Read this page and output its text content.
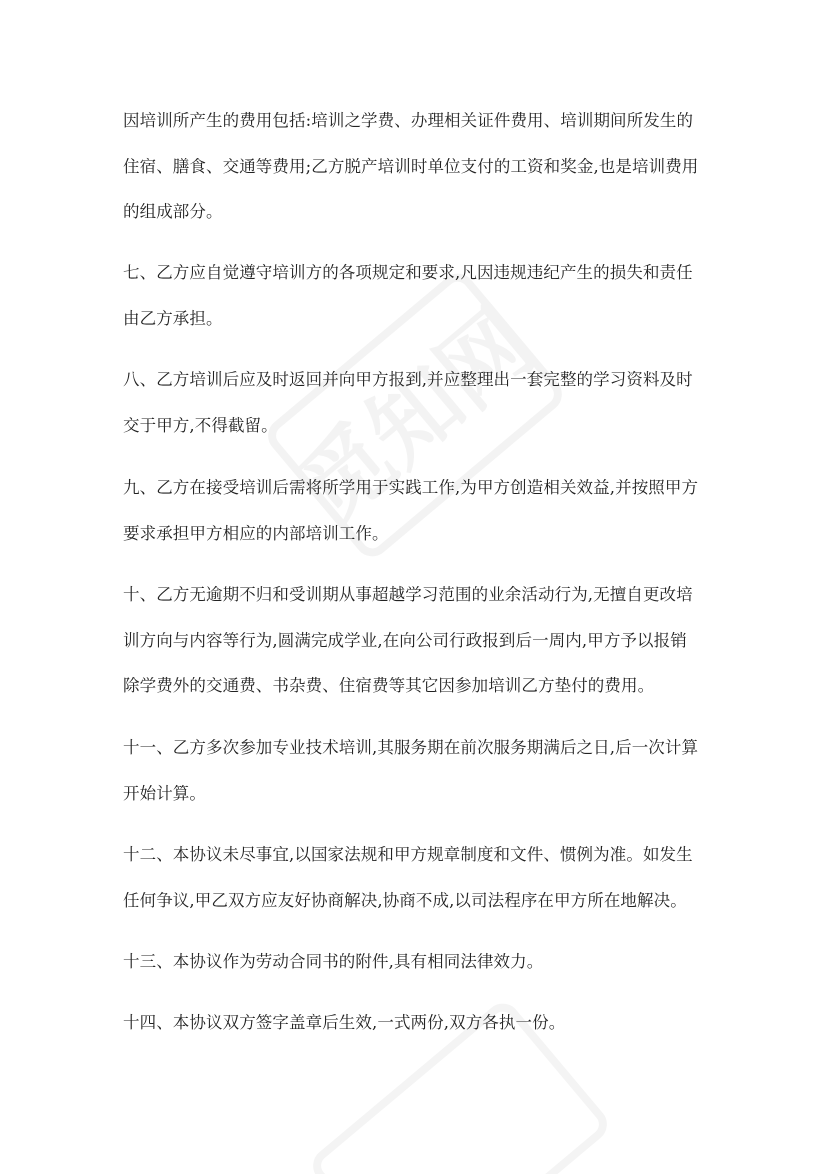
因培训所产生的费用包括:培训之学费、办理相关证件费用、培训期间所发生的
住宿、膳食、交通等费用;乙方脱产培训时单位支付的工资和奖金,也是培训费用
的组成部分。

七、乙方应自觉遵守培训方的各项规定和要求,凡因违规违纪产生的损失和责任
由乙方承担。

八、乙方培训后应及时返回并向甲方报到,并应整理出一套完整的学习资料及时
交于甲方,不得截留。

九、乙方在接受培训后需将所学用于实践工作,为甲方创造相关效益,并按照甲方
要求承担甲方相应的内部培训工作。

十、乙方无逾期不归和受训期从事超越学习范围的业余活动行为,无擅自更改培
训方向与内容等行为,圆满完成学业,在向公司行政报到后一周内,甲方予以报销
除学费外的交通费、书杂费、住宿费等其它因参加培训乙方垫付的费用。

十一、乙方多次参加专业技术培训,其服务期在前次服务期满后之日,后一次计算
开始计算。

十二、本协议未尽事宜,以国家法规和甲方规章制度和文件、惯例为准。如发生
任何争议,甲乙双方应友好协商解决,协商不成,以司法程序在甲方所在地解决。

十三、本协议作为劳动合同书的附件,具有相同法律效力。

十四、本协议双方签字盖章后生效,一式两份,双方各执一份。
